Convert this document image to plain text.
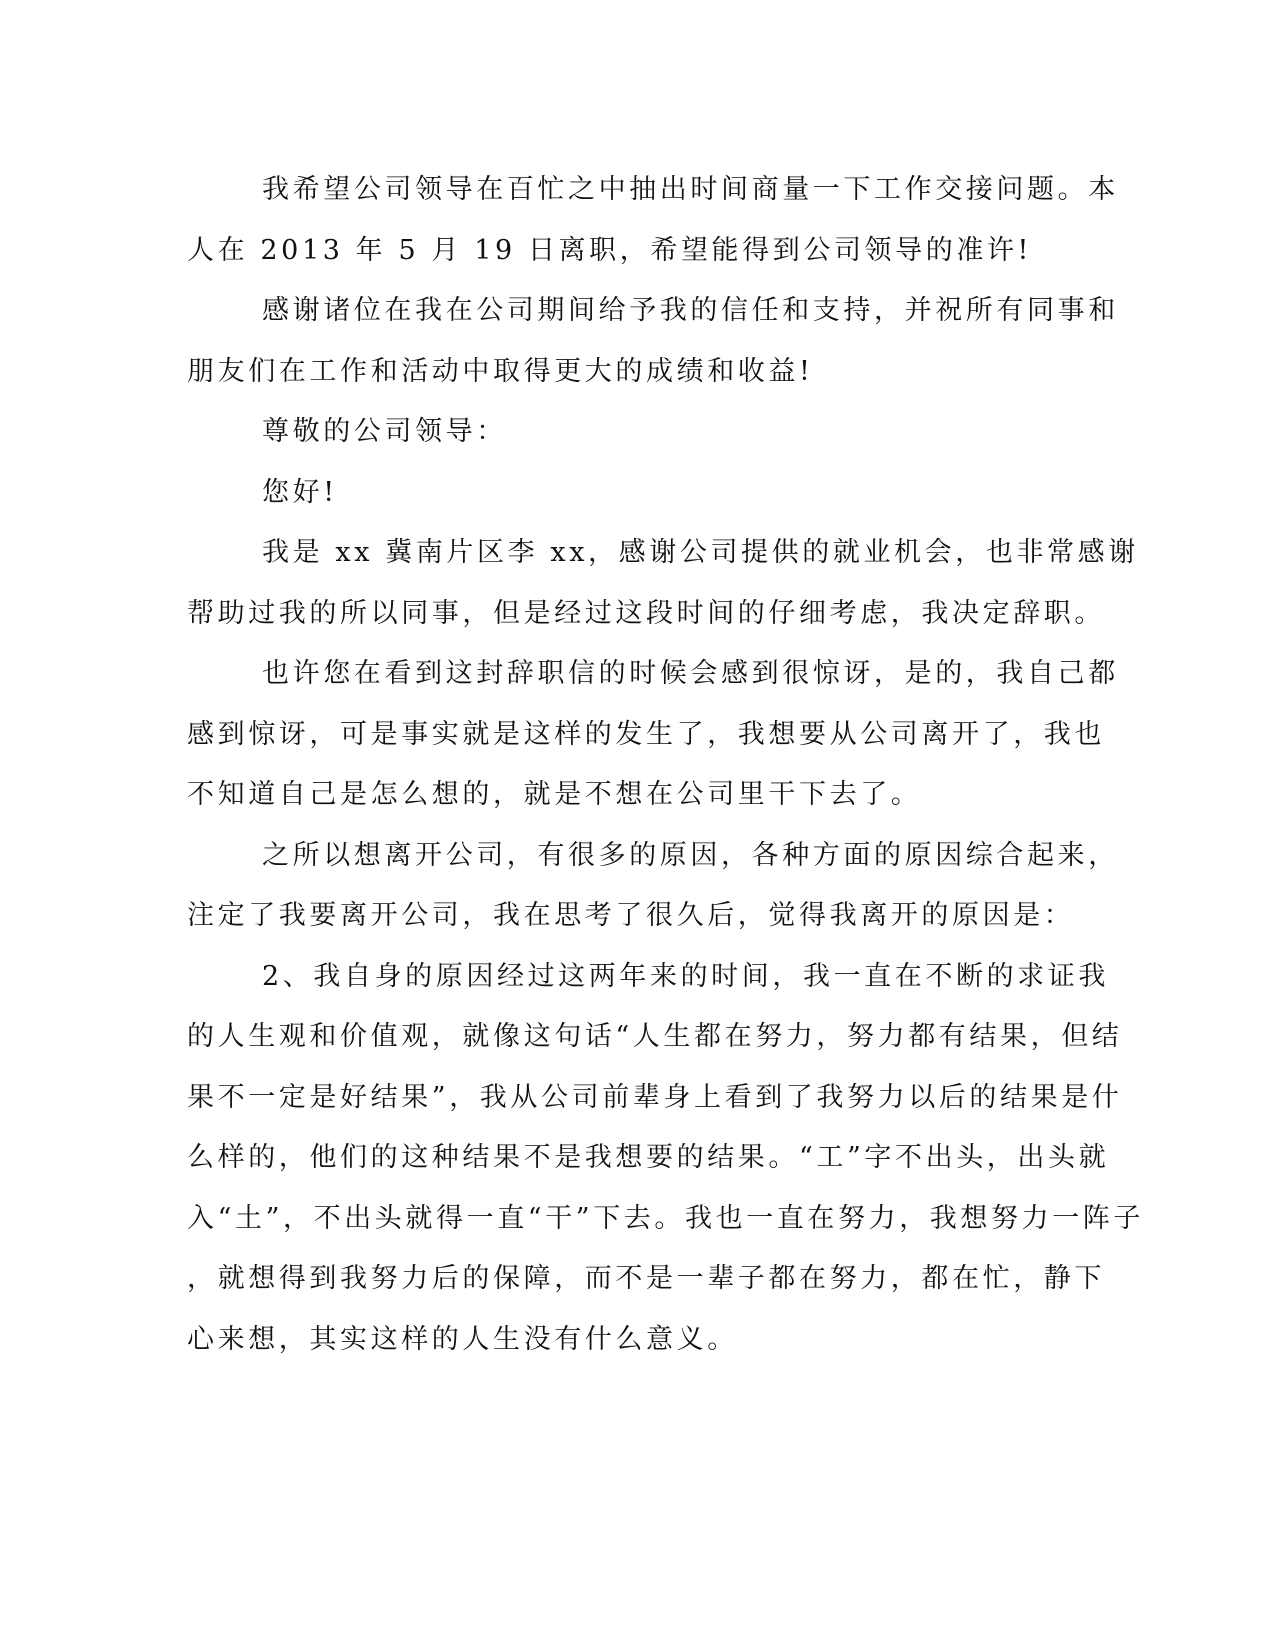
我希望公司领导在百忙之中抽出时间商量一下工作交接问题。本
人在 2013 年 5 月 19 日离职，希望能得到公司领导的准许!
感谢诸位在我在公司期间给予我的信任和支持，并祝所有同事和
朋友们在工作和活动中取得更大的成绩和收益!
尊敬的公司领导：
您好!
我是 xx 冀南片区李 xx，感谢公司提供的就业机会，也非常感谢
帮助过我的所以同事，但是经过这段时间的仔细考虑，我决定辞职。
也许您在看到这封辞职信的时候会感到很惊讶，是的，我自己都
感到惊讶，可是事实就是这样的发生了，我想要从公司离开了，我也
不知道自己是怎么想的，就是不想在公司里干下去了。
之所以想离开公司，有很多的原因，各种方面的原因综合起来，
注定了我要离开公司，我在思考了很久后，觉得我离开的原因是：
2、我自身的原因经过这两年来的时间，我一直在不断的求证我
的人生观和价值观，就像这句话“人生都在努力，努力都有结果，但结
果不一定是好结果”，我从公司前辈身上看到了我努力以后的结果是什
么样的，他们的这种结果不是我想要的结果。“工”字不出头，出头就
入“土”，不出头就得一直“干”下去。我也一直在努力，我想努力一阵子
，就想得到我努力后的保障，而不是一辈子都在努力，都在忙，静下
心来想，其实这样的人生没有什么意义。
